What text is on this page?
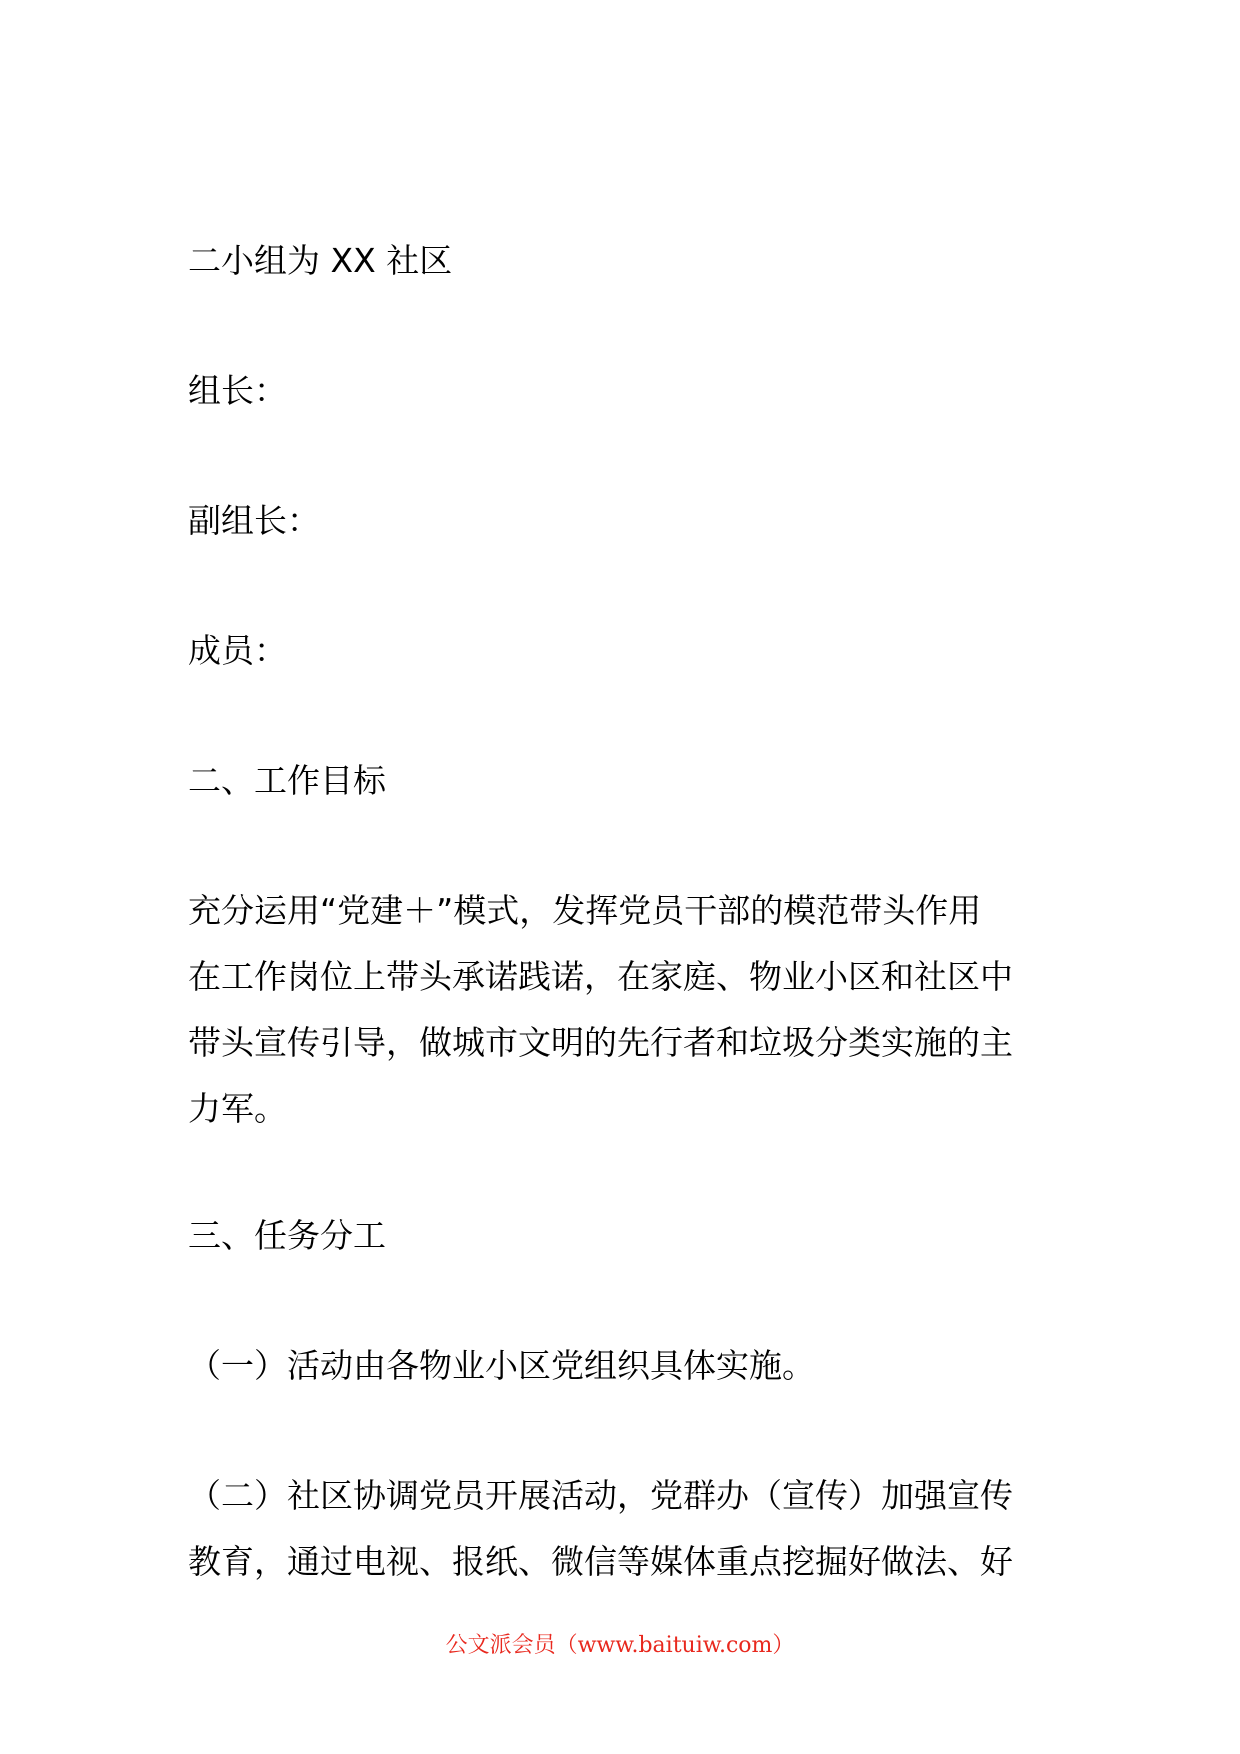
二小组为 XX 社区
组长：
副组长：
成员：
二、工作目标
充分运用“党建＋”模式，发挥党员干部的模范带头作用
在工作岗位上带头承诺践诺，在家庭、物业小区和社区中
带头宣传引导，做城市文明的先行者和垃圾分类实施的主
力军。
三、任务分工
（一）活动由各物业小区党组织具体实施。
（二）社区协调党员开展活动，党群办（宣传）加强宣传
教育，通过电视、报纸、微信等媒体重点挖掘好做法、好
公文派会员（www.baituiw.com）
